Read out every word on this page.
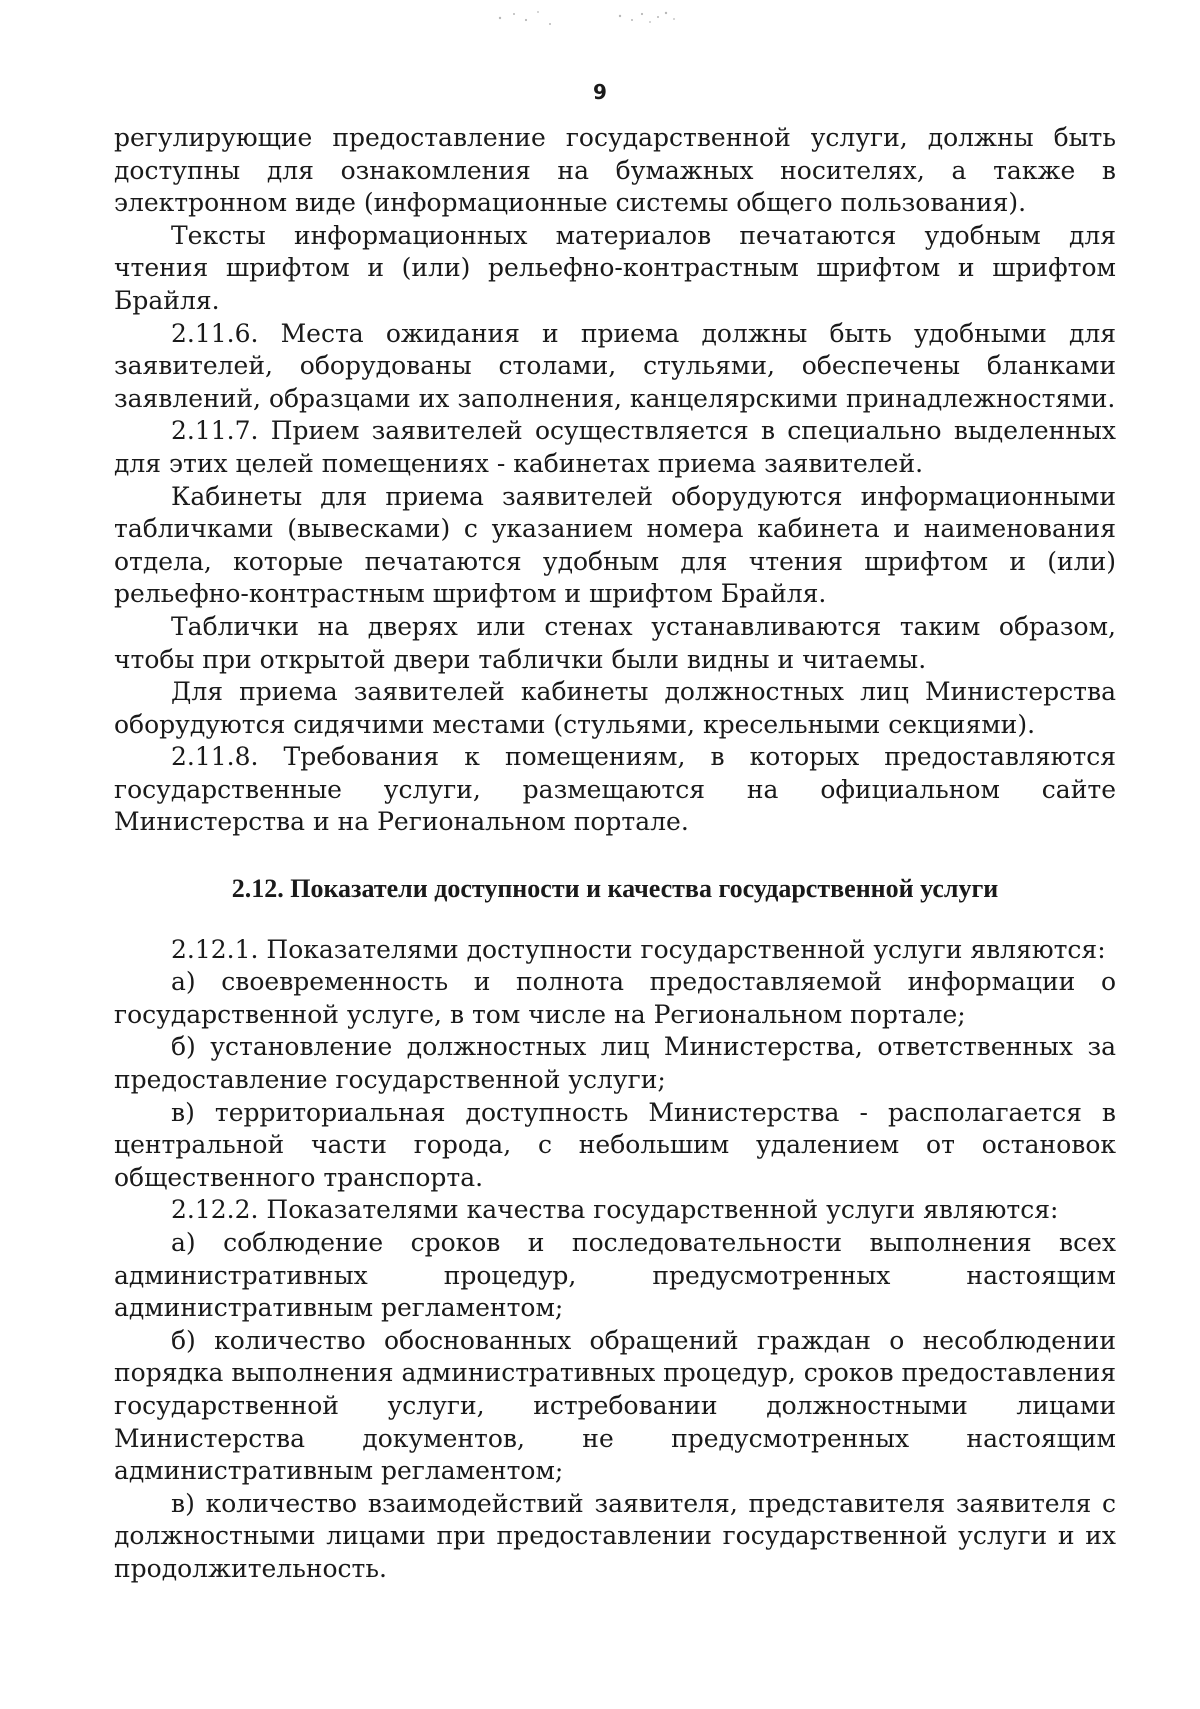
9

регулирующие предоставление государственной услуги, должны быть доступны для ознакомления на бумажных носителях, а также в электронном виде (информационные системы общего пользования).

Тексты информационных материалов печатаются удобным для чтения шрифтом и (или) рельефно-контрастным шрифтом и шрифтом Брайля.

2.11.6. Места ожидания и приема должны быть удобными для заявителей, оборудованы столами, стульями, обеспечены бланками заявлений, образцами их заполнения, канцелярскими принадлежностями.

2.11.7. Прием заявителей осуществляется в специально выделенных для этих целей помещениях - кабинетах приема заявителей.

Кабинеты для приема заявителей оборудуются информационными табличками (вывесками) с указанием номера кабинета и наименования отдела, которые печатаются удобным для чтения шрифтом и (или) рельефно-контрастным шрифтом и шрифтом Брайля.

Таблички на дверях или стенах устанавливаются таким образом, чтобы при открытой двери таблички были видны и читаемы.

Для приема заявителей кабинеты должностных лиц Министерства оборудуются сидячими местами (стульями, кресельными секциями).

2.11.8. Требования к помещениям, в которых предоставляются государственные услуги, размещаются на официальном сайте Министерства и на Региональном портале.

2.12. Показатели доступности и качества государственной услуги

2.12.1. Показателями доступности государственной услуги являются:

а) своевременность и полнота предоставляемой информации о государственной услуге, в том числе на Региональном портале;

б) установление должностных лиц Министерства, ответственных за предоставление государственной услуги;

в) территориальная доступность Министерства - располагается в центральной части города, с небольшим удалением от остановок общественного транспорта.

2.12.2. Показателями качества государственной услуги являются:

а) соблюдение сроков и последовательности выполнения всех административных процедур, предусмотренных настоящим административным регламентом;

б) количество обоснованных обращений граждан о несоблюдении порядка выполнения административных процедур, сроков предоставления государственной услуги, истребовании должностными лицами Министерства документов, не предусмотренных настоящим административным регламентом;

в) количество взаимодействий заявителя, представителя заявителя с должностными лицами при предоставлении государственной услуги и их продолжительность.
